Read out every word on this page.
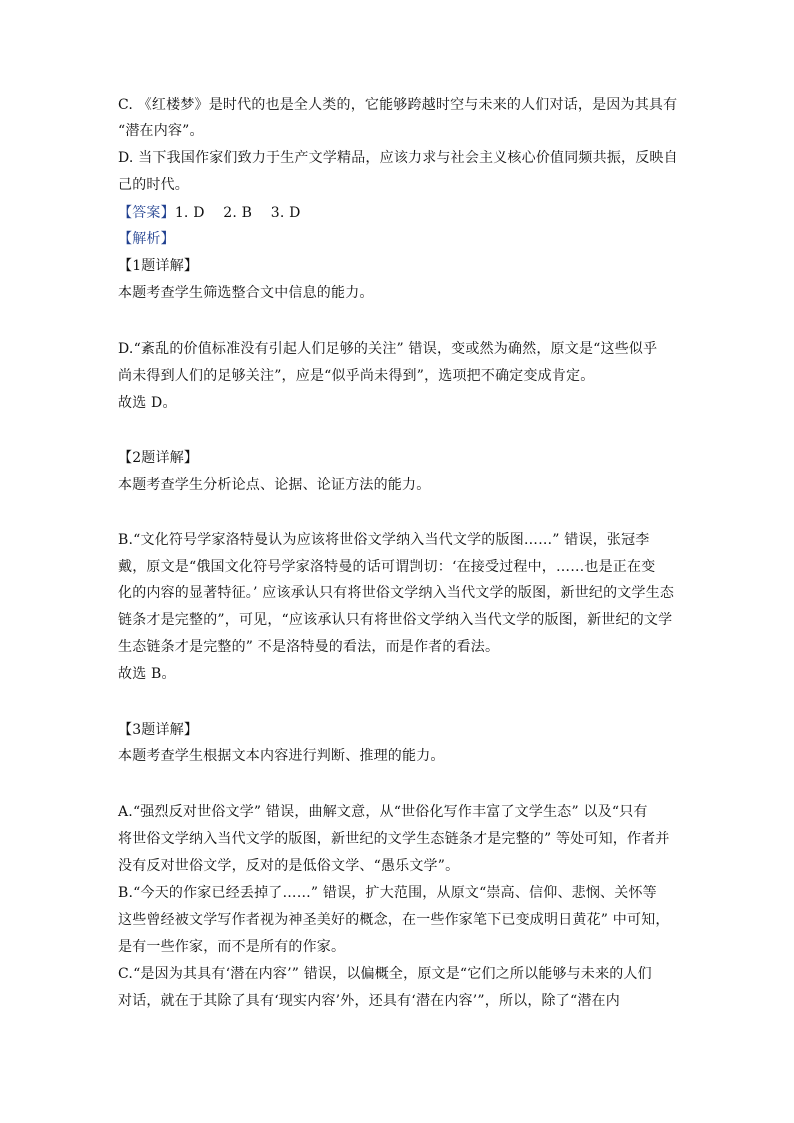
C. 《红楼梦》是时代的也是全人类的，它能够跨越时空与未来的人们对话，是因为其具有
“潜在内容”。
D. 当下我国作家们致力于生产文学精品，应该力求与社会主义核心价值同频共振，反映自
己的时代。
【答案】1. D    2. B    3. D
【解析】
【1题详解】
本题考查学生筛选整合文中信息的能力。
D.“紊乱的价值标准没有引起人们足够的关注” 错误，变或然为确然，原文是“这些似乎
尚未得到人们的足够关注”，应是“似乎尚未得到”，选项把不确定变成肯定。
故选 D。
【2题详解】
本题考查学生分析论点、论据、论证方法的能力。
B.“文化符号学家洛特曼认为应该将世俗文学纳入当代文学的版图……” 错误，张冠李
戴，原文是“俄国文化符号学家洛特曼的话可谓剀切：‘在接受过程中，……也是正在变
化的内容的显著特征。’ 应该承认只有将世俗文学纳入当代文学的版图，新世纪的文学生态
链条才是完整的”，可见，“应该承认只有将世俗文学纳入当代文学的版图，新世纪的文学
生态链条才是完整的” 不是洛特曼的看法，而是作者的看法。
故选 B。
【3题详解】
本题考查学生根据文本内容进行判断、推理的能力。
A.“强烈反对世俗文学” 错误，曲解文意，从“世俗化写作丰富了文学生态” 以及“只有
将世俗文学纳入当代文学的版图，新世纪的文学生态链条才是完整的” 等处可知，作者并
没有反对世俗文学，反对的是低俗文学、“愚乐文学”。
B.“今天的作家已经丢掉了……” 错误，扩大范围，从原文“崇高、信仰、悲悯、关怀等
这些曾经被文学写作者视为神圣美好的概念，在一些作家笔下已变成明日黄花” 中可知，
是有一些作家，而不是所有的作家。
C.“是因为其具有‘潜在内容’” 错误，以偏概全，原文是“它们之所以能够与未来的人们
对话，就在于其除了具有‘现实内容’外，还具有‘潜在内容’”，所以，除了“潜在内
